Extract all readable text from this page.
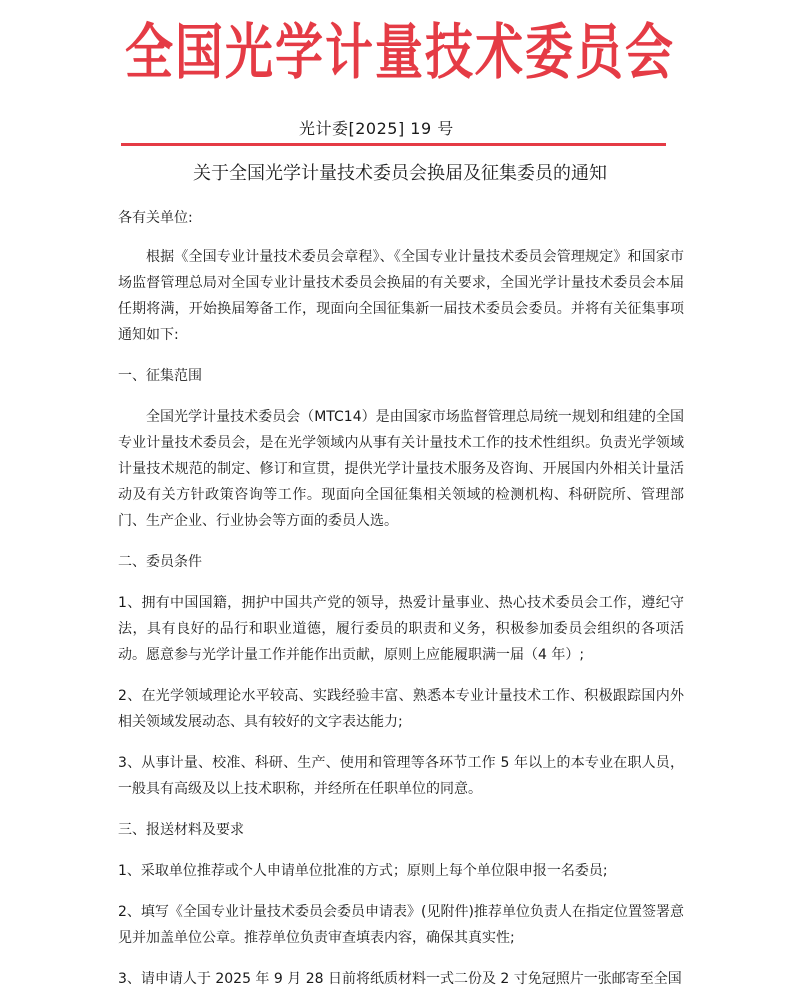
全国光学计量技术委员会
光计委[2025] 19 号
关于全国光学计量技术委员会换届及征集委员的通知

各有关单位:

根据《全国专业计量技术委员会章程》、《全国专业计量技术委员会管理规定》和国家市场监督管理总局对全国专业计量技术委员会换届的有关要求，全国光学计量技术委员会本届任期将满，开始换届筹备工作，现面向全国征集新一届技术委员会委员。并将有关征集事项通知如下:

一、征集范围

全国光学计量技术委员会（MTC14）是由国家市场监督管理总局统一规划和组建的全国专业计量技术委员会，是在光学领域内从事有关计量技术工作的技术性组织。负责光学领域计量技术规范的制定、修订和宣贯，提供光学计量技术服务及咨询、开展国内外相关计量活动及有关方针政策咨询等工作。现面向全国征集相关领域的检测机构、科研院所、管理部门、生产企业、行业协会等方面的委员人选。

二、委员条件

1、拥有中国国籍，拥护中国共产党的领导，热爱计量事业、热心技术委员会工作，遵纪守法，具有良好的品行和职业道德，履行委员的职责和义务，积极参加委员会组织的各项活动。愿意参与光学计量工作并能作出贡献，原则上应能履职满一届（4 年）;

2、在光学领域理论水平较高、实践经验丰富、熟悉本专业计量技术工作、积极跟踪国内外相关领域发展动态、具有较好的文字表达能力;

3、从事计量、校准、科研、生产、使用和管理等各环节工作 5 年以上的本专业在职人员，一般具有高级及以上技术职称，并经所在任职单位的同意。

三、报送材料及要求

1、采取单位推荐或个人申请单位批准的方式；原则上每个单位限申报一名委员;

2、填写《全国专业计量技术委员会委员申请表》(见附件)推荐单位负责人在指定位置签署意见并加盖单位公章。推荐单位负责审查填表内容，确保其真实性;

3、请申请人于 2025 年 9 月 28 日前将纸质材料一式二份及 2 寸免冠照片一张邮寄至全国
